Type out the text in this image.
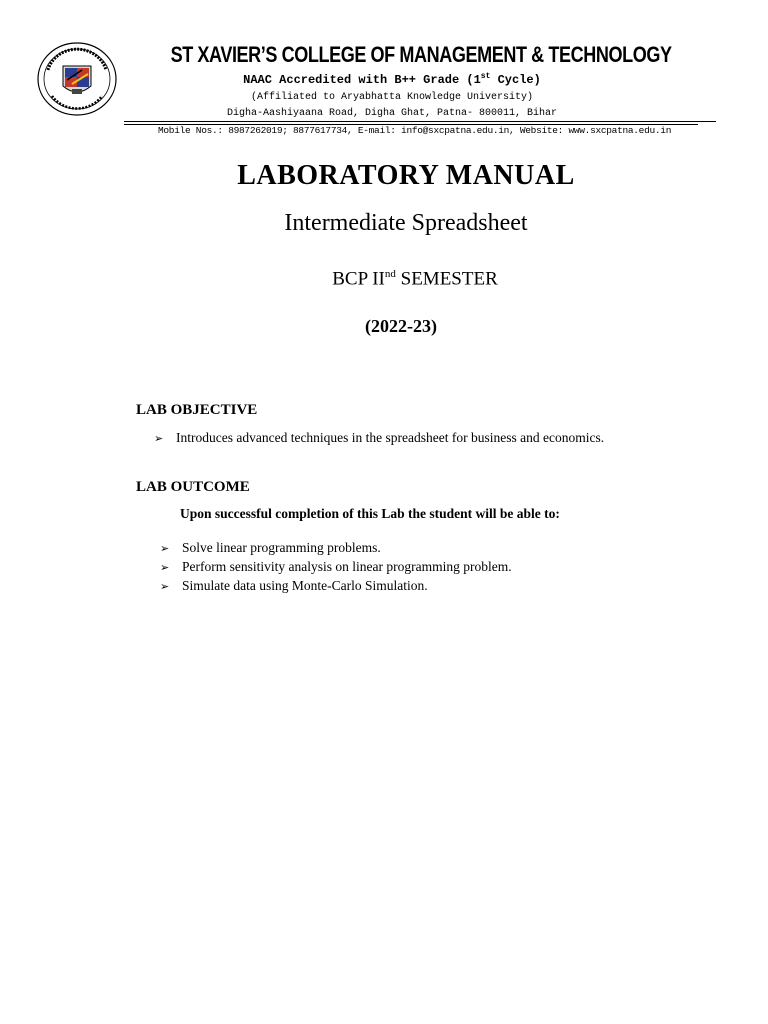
ST XAVIER’S COLLEGE OF MANAGEMENT & TECHNOLOGY
NAAC Accredited with B++ Grade (1st Cycle)
(Affiliated to Aryabhatta Knowledge University)
Digha-Aashiyaana Road, Digha Ghat, Patna- 800011, Bihar
Mobile Nos.: 8987262019; 8877617734, E-mail: info@sxcpatna.edu.in, Website: www.sxcpatna.edu.in
LABORATORY MANUAL
Intermediate Spreadsheet
BCP IInd SEMESTER
(2022-23)
LAB OBJECTIVE
➢ Introduces advanced techniques in the spreadsheet for business and economics.
LAB OUTCOME
Upon successful completion of this Lab the student will be able to:
➢ Solve linear programming problems.
➢ Perform sensitivity analysis on linear programming problem.
➢ Simulate data using Monte-Carlo Simulation.
